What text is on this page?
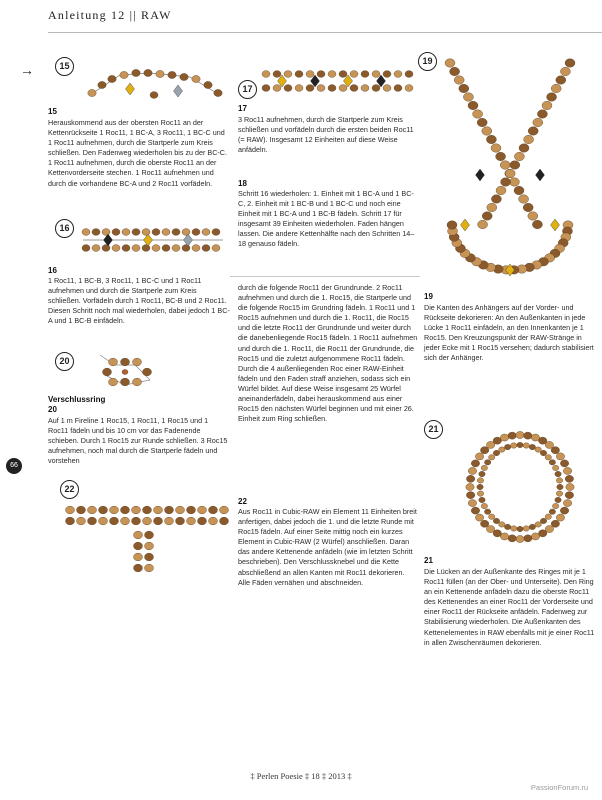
Anleitung 12 || RAW
→
66
15
15
Herauskommend aus der obersten Roc11 an der Kettenrückseite 1 Roc11, 1 BC-A, 3 Roc11, 1 BC-C und 1 Roc11 aufnehmen, durch die Startperle zum Kreis schließen. Den Fadenweg wiederholen bis zu der BC-C. 1 Roc11 aufnehmen, durch die oberste Roc11 an der Kettenvorderseite stechen. 1 Roc11 aufnehmen und durch die vorhandene BC-A und 2 Roc11 vorfädeln.
16
16
1 Roc11, 1 BC-B, 3 Roc11, 1 BC-C und 1 Roc11 aufnehmen und durch die Startperle zum Kreis schließen. Vorfädeln durch 1 Roc11, BC-B und 2 Roc11. Diesen Schritt noch mal wiederholen, dabei jedoch 1 BC-A und 1 BC-B einfädeln.
20
Verschlussring
20
Auf 1 m Fireline 1 Roc15, 1 Roc11, 1 Roc15 und 1 Roc11 fädeln und bis 10 cm vor das Fadenende schieben. Durch 1 Roc15 zur Runde schließen. 3 Roc15 aufnehmen, noch mal durch die Startperle fädeln und vorstehen
durch die folgende Roc11 der Grundrunde. 2 Roc11 aufnehmen und durch die 1. Roc15, die Startperle und die folgende Roc15 im Grundring fädeln. 1 Roc11 und 1 Roc15 aufnehmen und durch die 1. Roc11, die Roc15 und die letzte Roc11 der Grundrunde und weiter durch die danebenliegende Roc15 fädeln. 1 Roc11 aufnehmen und durch die 1. Roc11, die Roc11 der Grundrunde, die Roc15 und die zuletzt aufgenommene Roc11 fädeln. Durch die 4 außenliegenden Roc einer RAW-Einheit fädeln und den Faden straff anziehen, sodass sich ein Würfel bildet. Auf diese Weise insgesamt 25 Würfel aneinanderfädeln, dabei herauskommend aus einer Roc15 den nächsten Würfel beginnen und mit einer 26. Einheit zum Ring schließen.
17
17
3 Roc11 aufnehmen, durch die Startperle zum Kreis schließen und vorfädeln durch die ersten beiden Roc11 (= RAW). Insgesamt 12 Einheiten auf diese Weise anfädeln.
18
Schritt 16 wiederholen: 1. Einheit mit 1 BC-A und 1 BC-C, 2. Einheit mit 1 BC-B und 1 BC-C und noch eine Einheit mit 1 BC-A und 1 BC-B fädeln. Schritt 17 für insgesamt 39 Einheiten wiederholen. Faden hängen lassen. Die andere Kettenhälfte nach den Schritten 14–18 genauso fädeln.
19
19
Die Kanten des Anhängers auf der Vorder- und Rückseite dekorieren: An den Außenkanten in jede Lücke 1 Roc11 einfädeln, an den Innenkanten je 1 Roc15. Den Kreuzungspunkt der RAW-Stränge in jeder Ecke mit 1 Roc15 versehen; dadurch stabilisiert sich der Anhänger.
21
21
Die Lücken an der Außenkante des Ringes mit je 1 Roc11 füllen (an der Ober- und Unterseite). Den Ring an ein Kettenende anfädeln dazu die oberste Roc11 des Kettenendes an einer Roc11 der Vorderseite und einer Roc11 der Rückseite anfädeln. Fadenweg zur Stabilisierung wiederholen. Die Außenkanten des Kettenelementes in RAW ebenfalls mit je einer Roc11 in allen Zwischenräumen dekorieren.
22
22
Aus Roc11 in Cubic-RAW ein Element 11 Einheiten breit anfertigen, dabei jedoch die 1. und die letzte Runde mit Roc15 fädeln. Auf einer Seite mittig noch ein kurzes Element in Cubic-RAW (2 Würfel) anschließen. Daran das andere Kettenende anfädeln (wie im letzten Schritt beschrieben). Den Verschlussknebel und die Kette abschließend an allen Kanten mit Roc11 dekorieren. Alle Fäden vernähen und abschneiden.
‡ Perlen Poesie ‡ 18 ‡ 2013 ‡
PassionForum.ru
